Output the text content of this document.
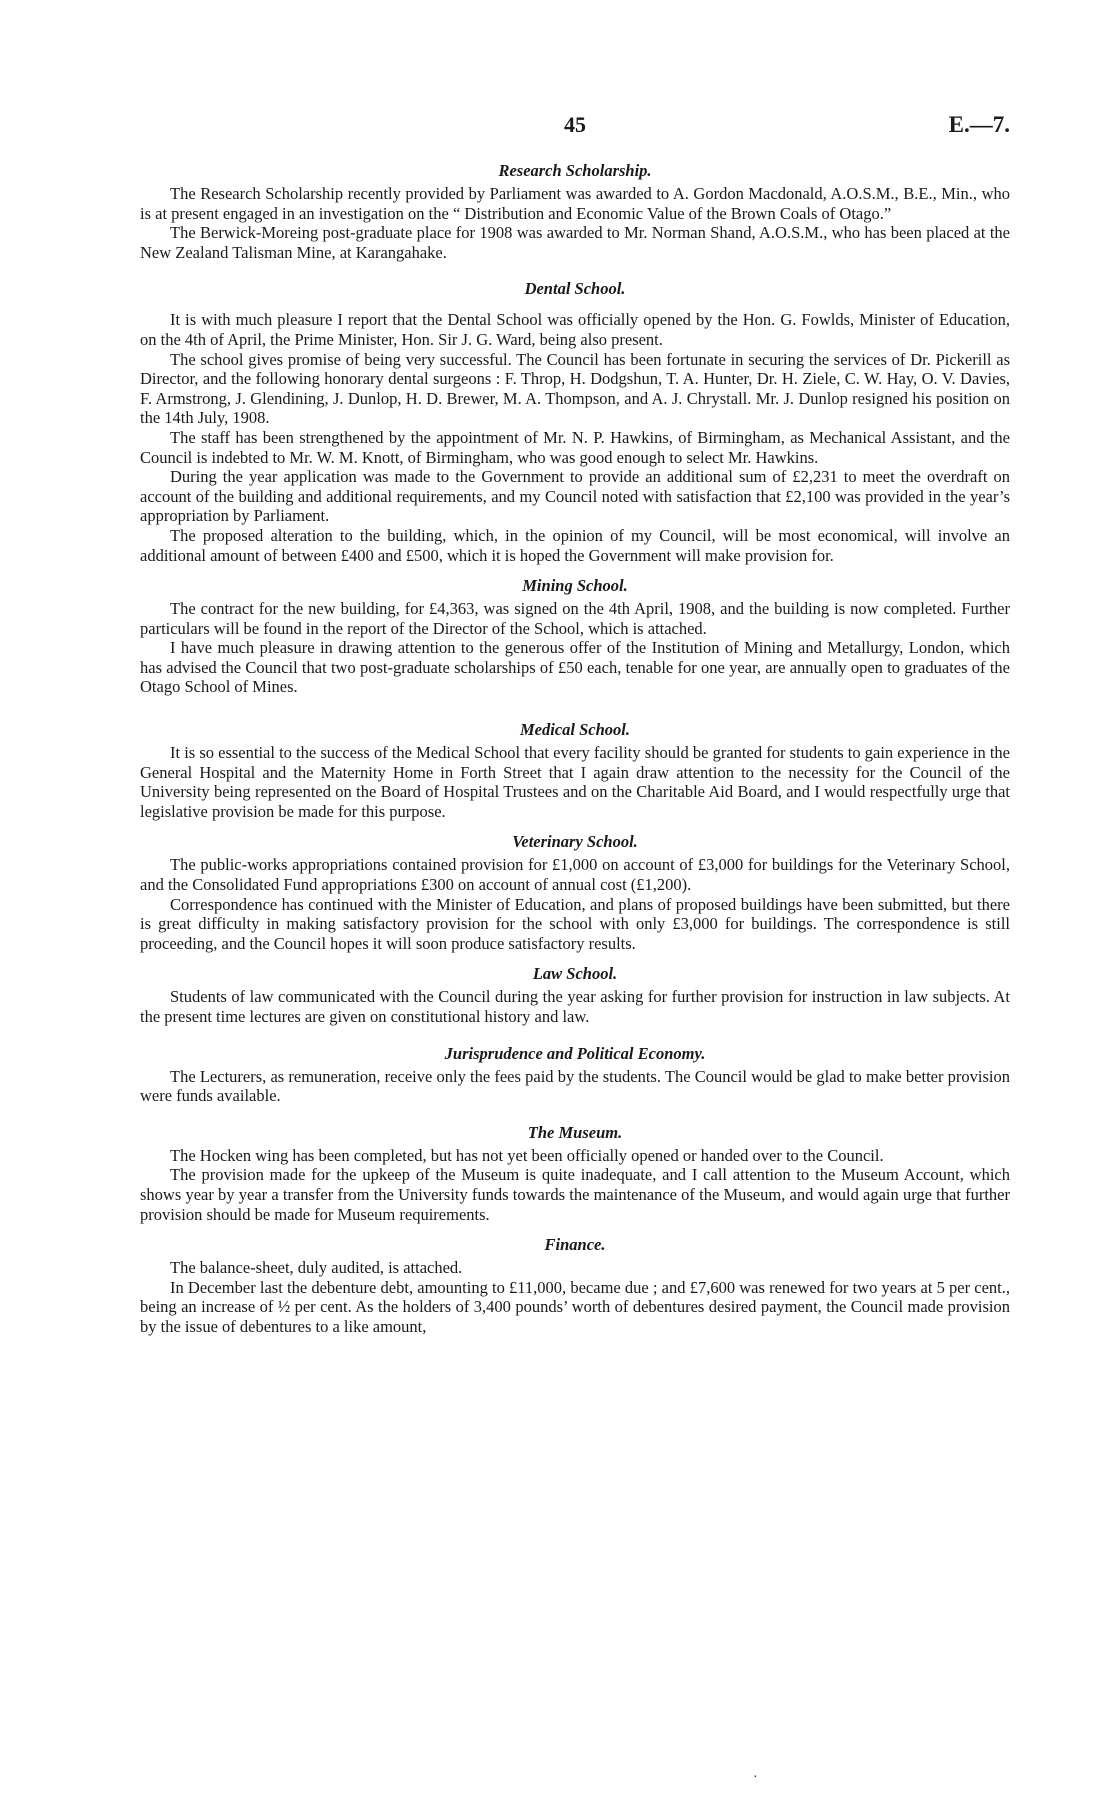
45	E.—7.
Research Scholarship.

The Research Scholarship recently provided by Parliament was awarded to A. Gordon Macdonald, A.O.S.M., B.E., Min., who is at present engaged in an investigation on the “ Distribution and Economic Value of the Brown Coals of Otago.”

The Berwick-Moreing post-graduate place for 1908 was awarded to Mr. Norman Shand, A.O.S.M., who has been placed at the New Zealand Talisman Mine, at Karangahake.

Dental School.

It is with much pleasure I report that the Dental School was officially opened by the Hon. G. Fowlds, Minister of Education, on the 4th of April, the Prime Minister, Hon. Sir J. G. Ward, being also present.

The school gives promise of being very successful. The Council has been fortunate in securing the services of Dr. Pickerill as Director, and the following honorary dental surgeons : F. Throp, H. Dodgshun, T. A. Hunter, Dr. H. Ziele, C. W. Hay, O. V. Davies, F. Armstrong, J. Glendining, J. Dunlop, H. D. Brewer, M. A. Thompson, and A. J. Chrystall. Mr. J. Dunlop resigned his position on the 14th July, 1908.

The staff has been strengthened by the appointment of Mr. N. P. Hawkins, of Birmingham, as Mechanical Assistant, and the Council is indebted to Mr. W. M. Knott, of Birmingham, who was good enough to select Mr. Hawkins.

During the year application was made to the Government to provide an additional sum of £2,231 to meet the overdraft on account of the building and additional requirements, and my Council noted with satisfaction that £2,100 was provided in the year’s appropriation by Parliament.

The proposed alteration to the building, which, in the opinion of my Council, will be most economical, will involve an additional amount of between £400 and £500, which it is hoped the Government will make provision for.

Mining School.

The contract for the new building, for £4,363, was signed on the 4th April, 1908, and the building is now completed. Further particulars will be found in the report of the Director of the School, which is attached.

I have much pleasure in drawing attention to the generous offer of the Institution of Mining and Metallurgy, London, which has advised the Council that two post-graduate scholarships of £50 each, tenable for one year, are annually open to graduates of the Otago School of Mines.

Medical School.

It is so essential to the success of the Medical School that every facility should be granted for students to gain experience in the General Hospital and the Maternity Home in Forth Street that I again draw attention to the necessity for the Council of the University being represented on the Board of Hospital Trustees and on the Charitable Aid Board, and I would respectfully urge that legislative provision be made for this purpose.

Veterinary School.

The public-works appropriations contained provision for £1,000 on account of £3,000 for buildings for the Veterinary School, and the Consolidated Fund appropriations £300 on account of annual cost (£1,200).

Correspondence has continued with the Minister of Education, and plans of proposed buildings have been submitted, but there is great difficulty in making satisfactory provision for the school with only £3,000 for buildings. The correspondence is still proceeding, and the Council hopes it will soon produce satisfactory results.

Law School.

Students of law communicated with the Council during the year asking for further provision for instruction in law subjects. At the present time lectures are given on constitutional history and law.

Jurisprudence and Political Economy.

The Lecturers, as remuneration, receive only the fees paid by the students. The Council would be glad to make better provision were funds available.

The Museum.

The Hocken wing has been completed, but has not yet been officially opened or handed over to the Council.

The provision made for the upkeep of the Museum is quite inadequate, and I call attention to the Museum Account, which shows year by year a transfer from the University funds towards the maintenance of the Museum, and would again urge that further provision should be made for Museum requirements.

Finance.

The balance-sheet, duly audited, is attached.

In December last the debenture debt, amounting to £11,000, became due ; and £7,600 was renewed for two years at 5 per cent., being an increase of ½ per cent. As the holders of 3,400 pounds’ worth of debentures desired payment, the Council made provision by the issue of debentures to a like amount,

·
